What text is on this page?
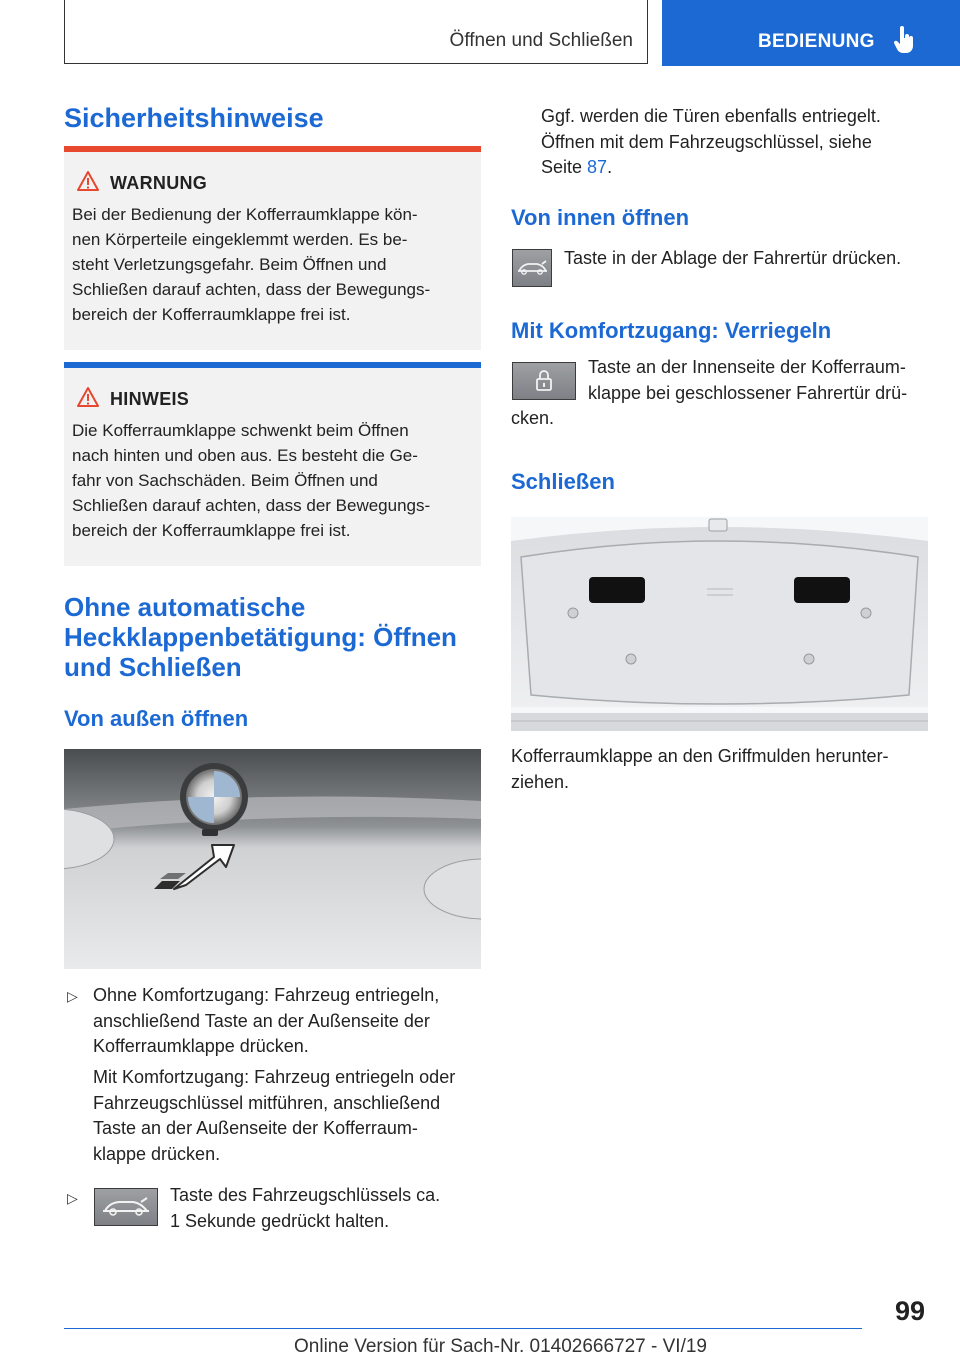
Öffnen und Schließen	BEDIENUNG
Sicherheitshinweise
WARNUNG
Bei der Bedienung der Kofferraumklappe kön-
nen Körperteile eingeklemmt werden. Es be-
steht Verletzungsgefahr. Beim Öffnen und
Schließen darauf achten, dass der Bewegungs-
bereich der Kofferraumklappe frei ist.
HINWEIS
Die Kofferraumklappe schwenkt beim Öffnen
nach hinten und oben aus. Es besteht die Ge-
fahr von Sachschäden. Beim Öffnen und
Schließen darauf achten, dass der Bewegungs-
bereich der Kofferraumklappe frei ist.
Ohne automatische
Heckklappenbetätigung: Öffnen
und Schließen
Von außen öffnen
▷ Ohne Komfortzugang: Fahrzeug entriegeln,
anschließend Taste an der Außenseite der
Kofferraumklappe drücken.
Mit Komfortzugang: Fahrzeug entriegeln oder
Fahrzeugschlüssel mitführen, anschließend
Taste an der Außenseite der Kofferraum-
klappe drücken.
▷	Taste des Fahrzeugschlüssels ca.
1 Sekunde gedrückt halten.
Ggf. werden die Türen ebenfalls entriegelt.
Öffnen mit dem Fahrzeugschlüssel, siehe
Seite 87.
Von innen öffnen
Taste in der Ablage der Fahrertür drücken.
Mit Komfortzugang: Verriegeln
Taste an der Innenseite der Kofferraum-
klappe bei geschlossener Fahrertür drü-
cken.
Schließen
Kofferraumklappe an den Griffmulden herunter-
ziehen.
99
Online Version für Sach-Nr. 01402666727 - VI/19
